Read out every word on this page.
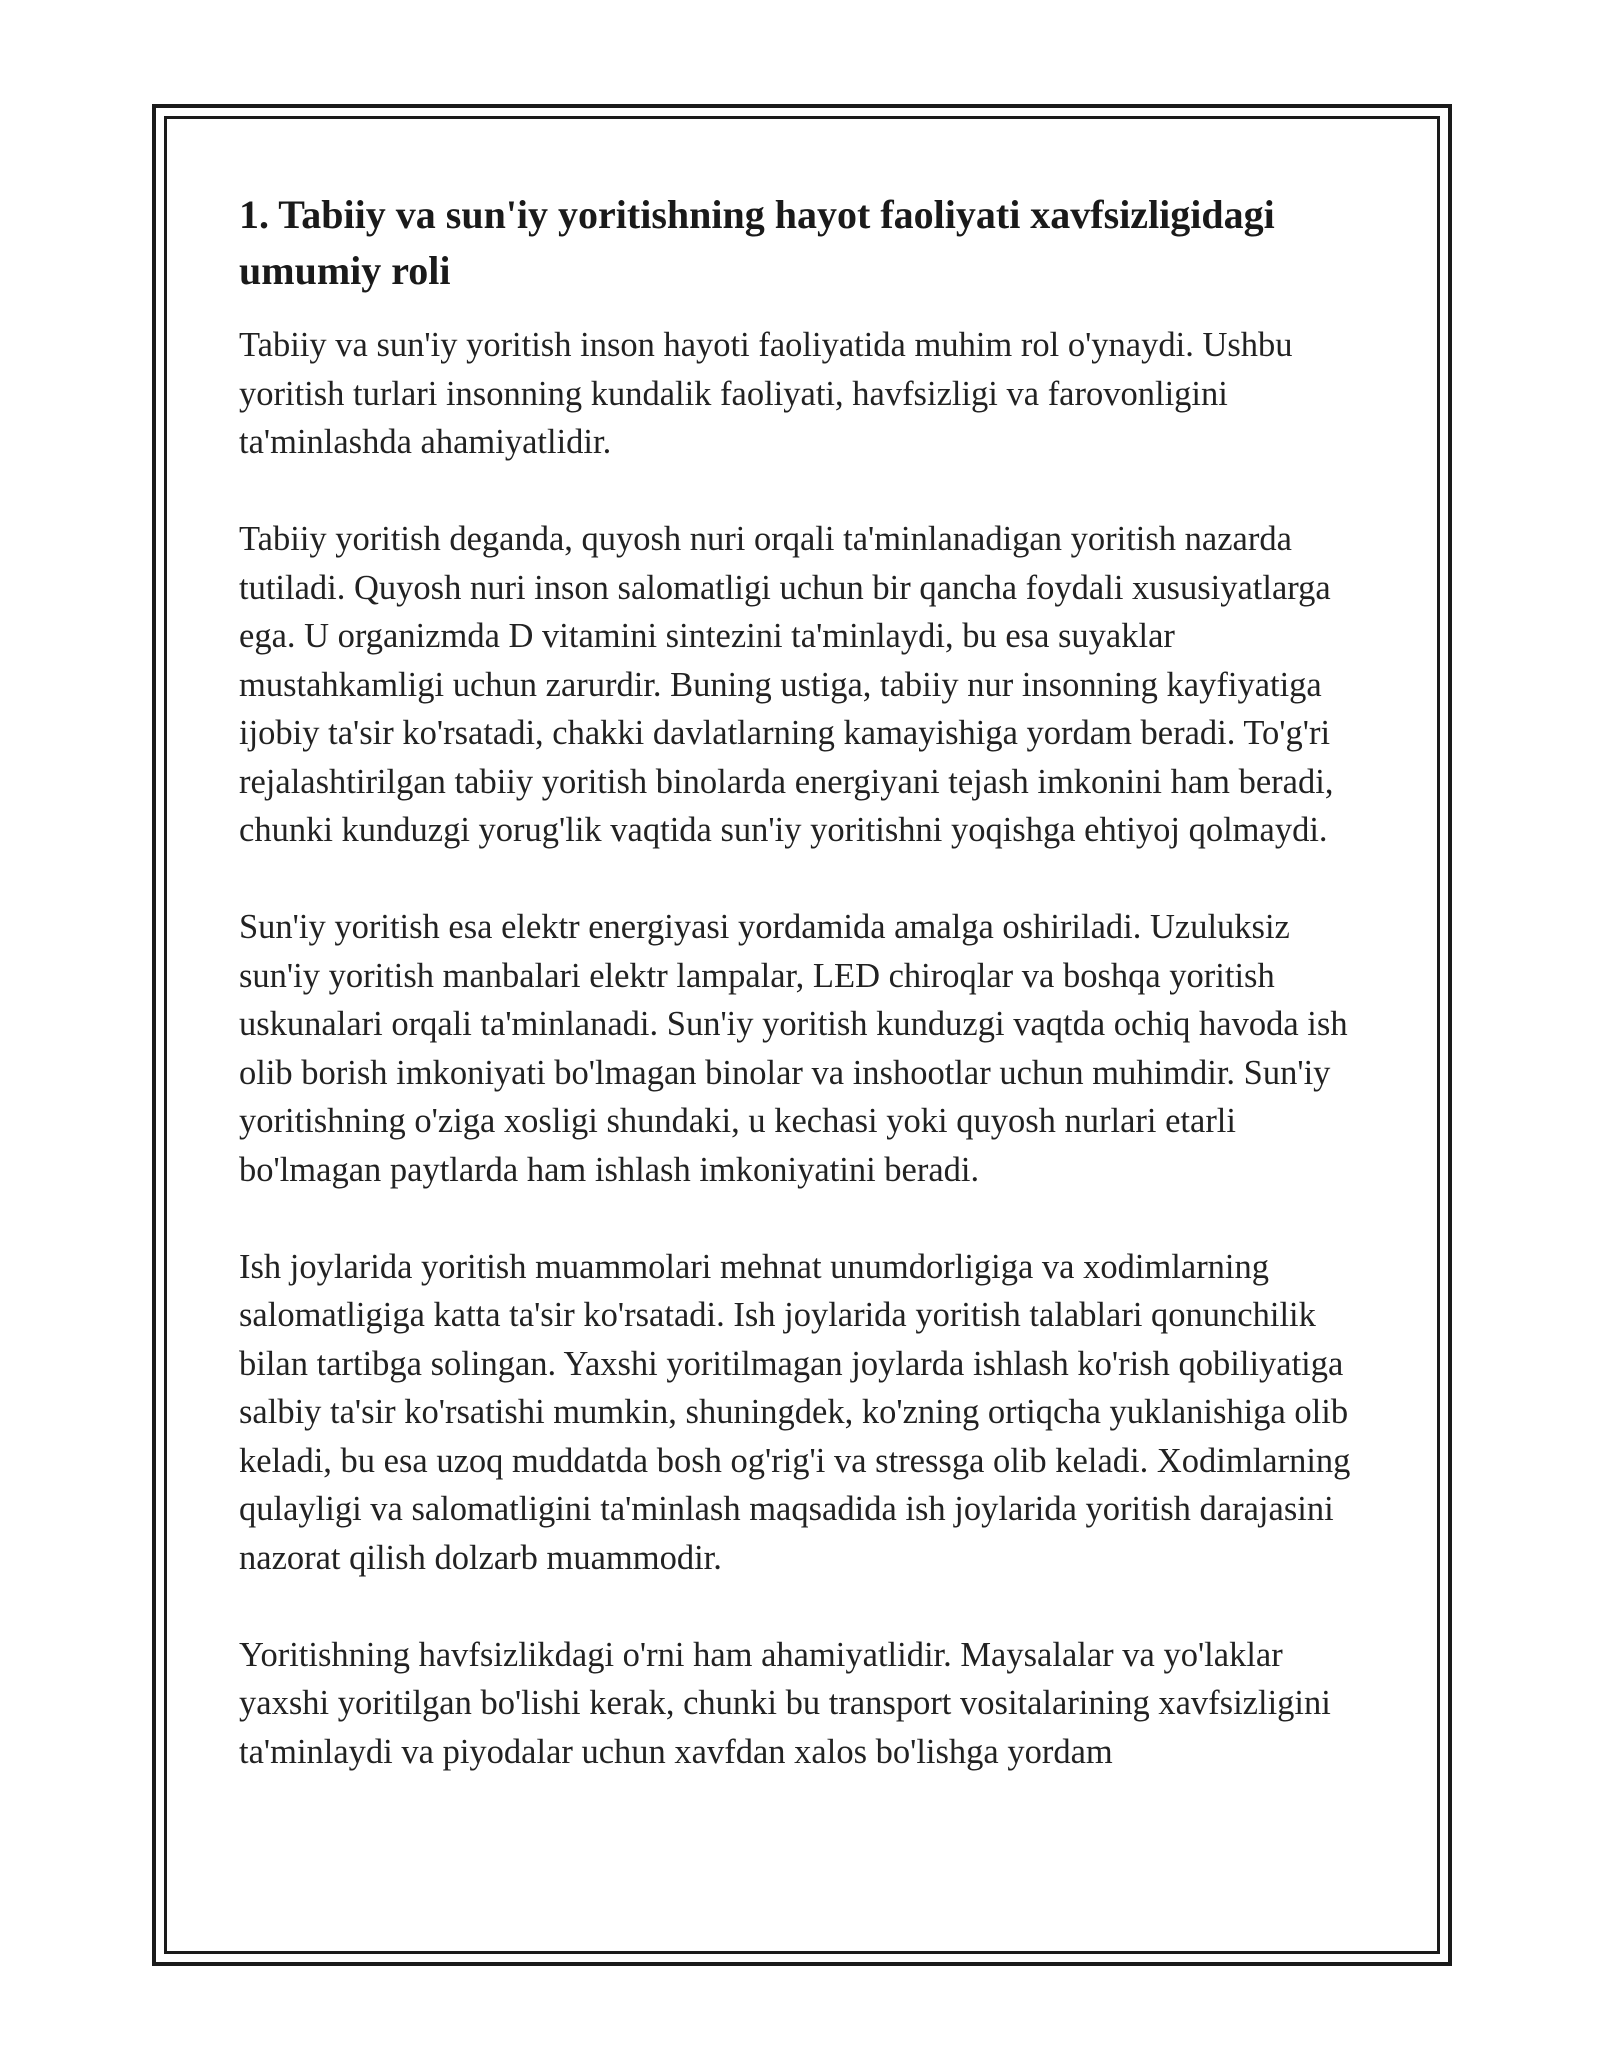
1. Tabiiy va sun'iy yoritishning hayot faoliyati xavfsizligidagi umumiy roli

Tabiiy va sun'iy yoritish inson hayoti faoliyatida muhim rol o'ynaydi. Ushbu yoritish turlari insonning kundalik faoliyati, havfsizligi va farovonligini ta'minlashda ahamiyatlidir.

Tabiiy yoritish deganda, quyosh nuri orqali ta'minlanadigan yoritish nazarda tutiladi. Quyosh nuri inson salomatligi uchun bir qancha foydali xususiyatlarga ega. U organizmda D vitamini sintezini ta'minlaydi, bu esa suyaklar mustahkamligi uchun zarurdir. Buning ustiga, tabiiy nur insonning kayfiyatiga ijobiy ta'sir ko'rsatadi, chakki davlatlarning kamayishiga yordam beradi. To'g'ri rejalashtirilgan tabiiy yoritish binolarda energiyani tejash imkonini ham beradi, chunki kunduzgi yorug'lik vaqtida sun'iy yoritishni yoqishga ehtiyoj qolmaydi.

Sun'iy yoritish esa elektr energiyasi yordamida amalga oshiriladi. Uzuluksiz sun'iy yoritish manbalari elektr lampalar, LED chiroqlar va boshqa yoritish uskunalari orqali ta'minlanadi. Sun'iy yoritish kunduzgi vaqtda ochiq havoda ish olib borish imkoniyati bo'lmagan binolar va inshootlar uchun muhimdir. Sun'iy yoritishning o'ziga xosligi shundaki, u kechasi yoki quyosh nurlari etarli bo'lmagan paytlarda ham ishlash imkoniyatini beradi.

Ish joylarida yoritish muammolari mehnat unumdorligiga va xodimlarning salomatligiga katta ta'sir ko'rsatadi. Ish joylarida yoritish talablari qonunchilik bilan tartibga solingan. Yaxshi yoritilmagan joylarda ishlash ko'rish qobiliyatiga salbiy ta'sir ko'rsatishi mumkin, shuningdek, ko'zning ortiqcha yuklanishiga olib keladi, bu esa uzoq muddatda bosh og'rig'i va stressga olib keladi. Xodimlarning qulayligi va salomatligini ta'minlash maqsadida ish joylarida yoritish darajasini nazorat qilish dolzarb muammodir.

Yoritishning havfsizlikdagi o'rni ham ahamiyatlidir. Maysalalar va yo'laklar yaxshi yoritilgan bo'lishi kerak, chunki bu transport vositalarining xavfsizligini ta'minlaydi va piyodalar uchun xavfdan xalos bo'lishga yordam
